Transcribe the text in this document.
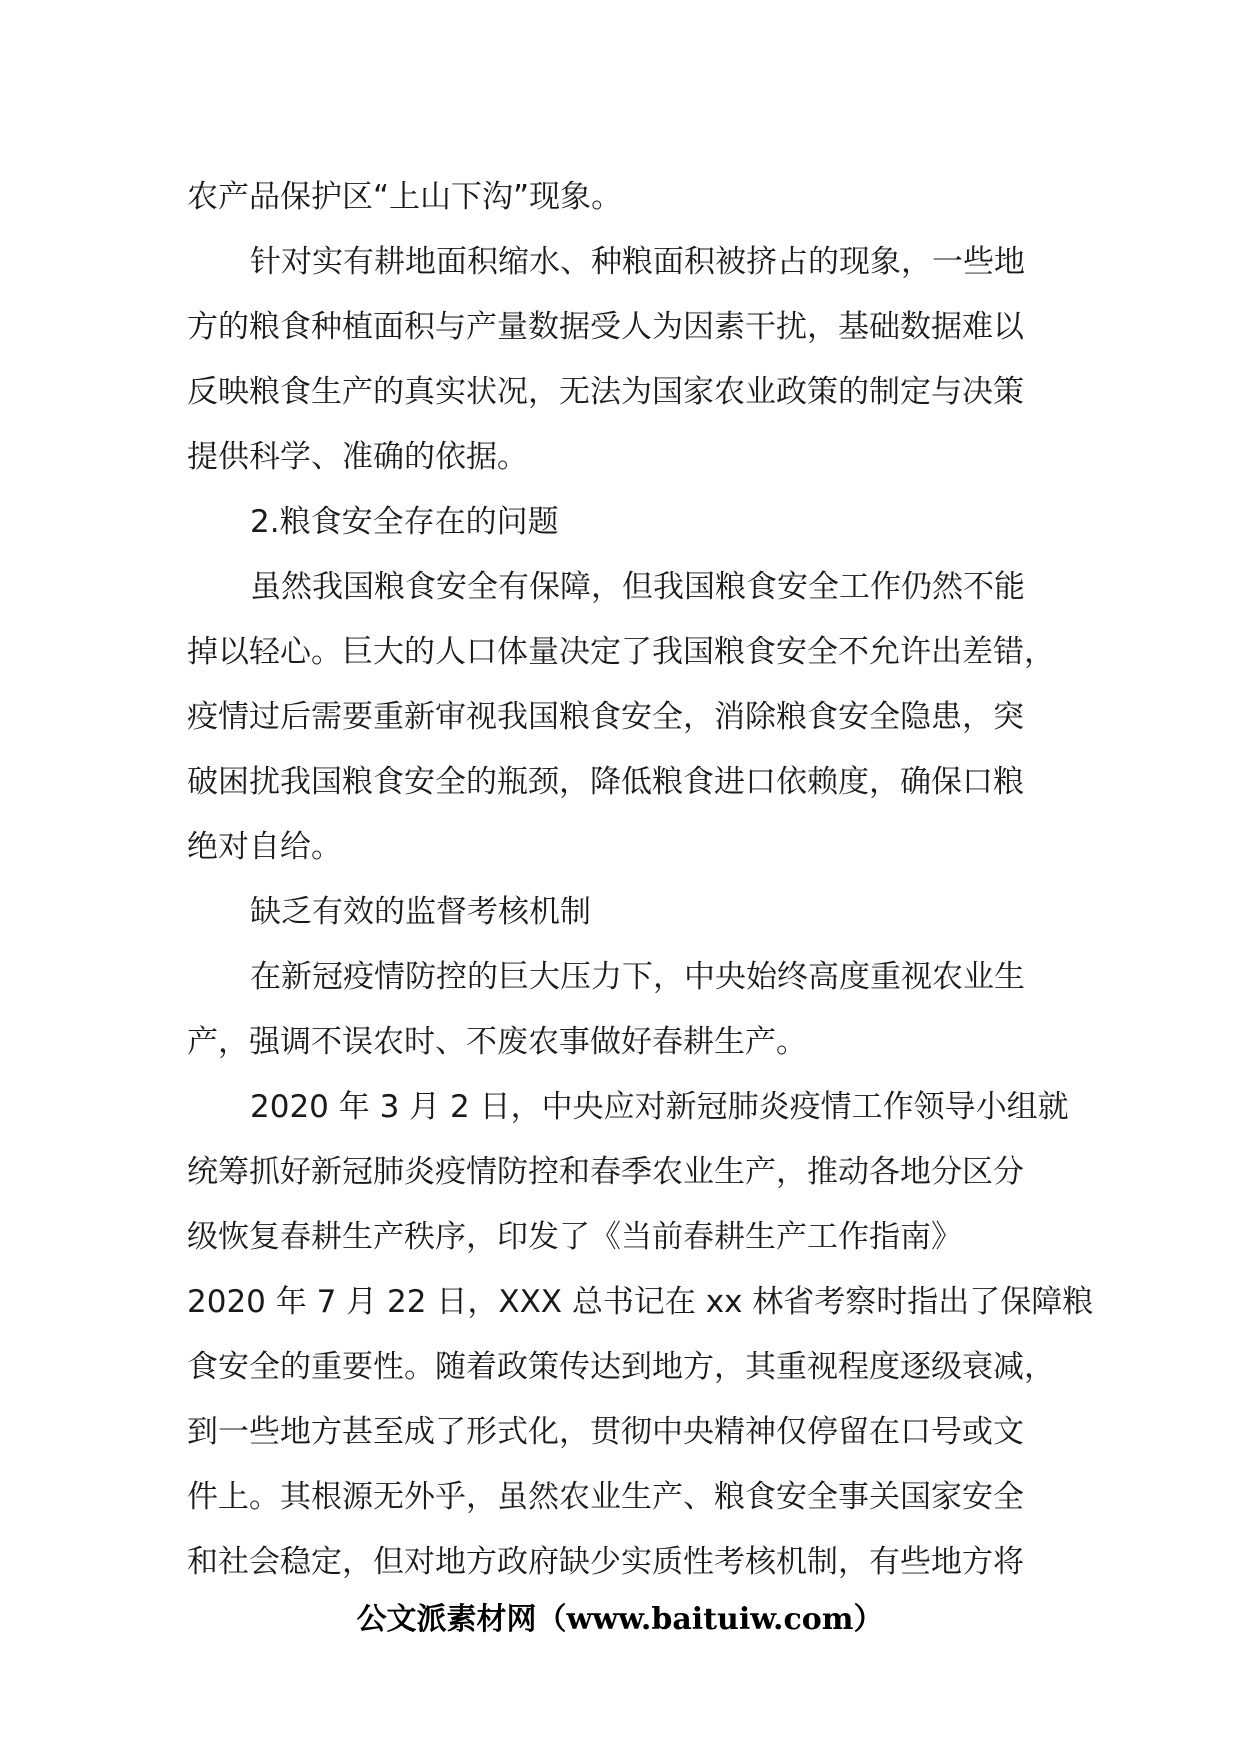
农产品保护区“上山下沟”现象。
针对实有耕地面积缩水、种粮面积被挤占的现象，一些地
方的粮食种植面积与产量数据受人为因素干扰，基础数据难以
反映粮食生产的真实状况，无法为国家农业政策的制定与决策
提供科学、准确的依据。
2.粮食安全存在的问题
虽然我国粮食安全有保障，但我国粮食安全工作仍然不能
掉以轻心。巨大的人口体量决定了我国粮食安全不允许出差错，
疫情过后需要重新审视我国粮食安全，消除粮食安全隐患，突
破困扰我国粮食安全的瓶颈，降低粮食进口依赖度，确保口粮
绝对自给。
缺乏有效的监督考核机制
在新冠疫情防控的巨大压力下，中央始终高度重视农业生
产，强调不误农时、不废农事做好春耕生产。
2020 年 3 月 2 日，中央应对新冠肺炎疫情工作领导小组就
统筹抓好新冠肺炎疫情防控和春季农业生产，推动各地分区分
级恢复春耕生产秩序，印发了《当前春耕生产工作指南》
2020 年 7 月 22 日，XXX 总书记在 xx 林省考察时指出了保障粮
食安全的重要性。随着政策传达到地方，其重视程度逐级衰减，
到一些地方甚至成了形式化，贯彻中央精神仅停留在口号或文
件上。其根源无外乎，虽然农业生产、粮食安全事关国家安全
和社会稳定，但对地方政府缺少实质性考核机制，有些地方将
公文派素材网（www.baituiw.com）
